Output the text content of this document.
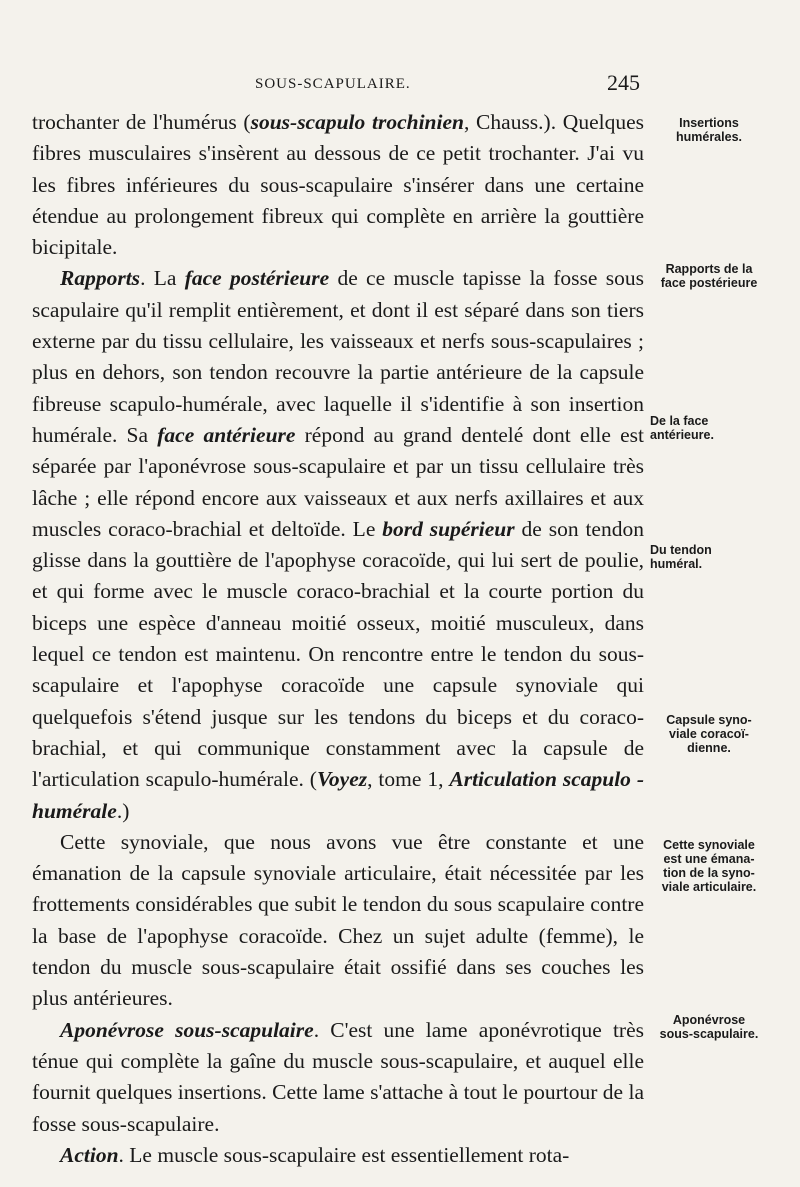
SOUS-SCAPULAIRE.	245

trochanter de l'humérus (sous-scapulo trochinien, Chauss.). Quelques fibres musculaires s'insèrent au dessous de ce petit trochanter. J'ai vu les fibres inférieures du sous-scapulaire s'insérer dans une certaine étendue au prolongement fibreux qui complète en arrière la gouttière bicipitale.

Rapports. La face postérieure de ce muscle tapisse la fosse sous scapulaire qu'il remplit entièrement, et dont il est séparé dans son tiers externe par du tissu cellulaire, les vaisseaux et nerfs sous-scapulaires ; plus en dehors, son tendon recouvre la partie antérieure de la capsule fibreuse scapulo-humérale, avec laquelle il s'identifie à son insertion humérale. Sa face antérieure répond au grand dentelé dont elle est séparée par l'aponévrose sous-scapulaire et par un tissu cellulaire très lâche ; elle répond encore aux vaisseaux et aux nerfs axillaires et aux muscles coraco-brachial et deltoïde. Le bord supérieur de son tendon glisse dans la gouttière de l'apophyse coracoïde, qui lui sert de poulie, et qui forme avec le muscle coraco-brachial et la courte portion du biceps une espèce d'anneau moitié osseux, moitié musculeux, dans lequel ce tendon est maintenu. On rencontre entre le tendon du sous-scapulaire et l'apophyse coracoïde une capsule synoviale qui quelquefois s'étend jusque sur les tendons du biceps et du coraco-brachial, et qui communique constamment avec la capsule de l'articulation scapulo-humérale. (Voyez, tome 1, Articulation scapulo -humérale.)

Cette synoviale, que nous avons vue être constante et une émanation de la capsule synoviale articulaire, était nécessitée par les frottements considérables que subit le tendon du sous scapulaire contre la base de l'apophyse coracoïde. Chez un sujet adulte (femme), le tendon du muscle sous-scapulaire était ossifié dans ses couches les plus antérieures.

Aponévrose sous-scapulaire. C'est une lame aponévrotique très ténue qui complète la gaîne du muscle sous-scapulaire, et auquel elle fournit quelques insertions. Cette lame s'attache à tout le pourtour de la fosse sous-scapulaire.

Action. Le muscle sous-scapulaire est essentiellement rota-

Insertions
humérales.
Rapports de la
face postérieure
De la face
antérieure.
Du tendon
huméral.
Capsule syno-
viale coracoï-
dienne.
Cette synoviale
est une émana-
tion de la syno-
viale articulaire.
Aponévrose
sous-scapulaire.
